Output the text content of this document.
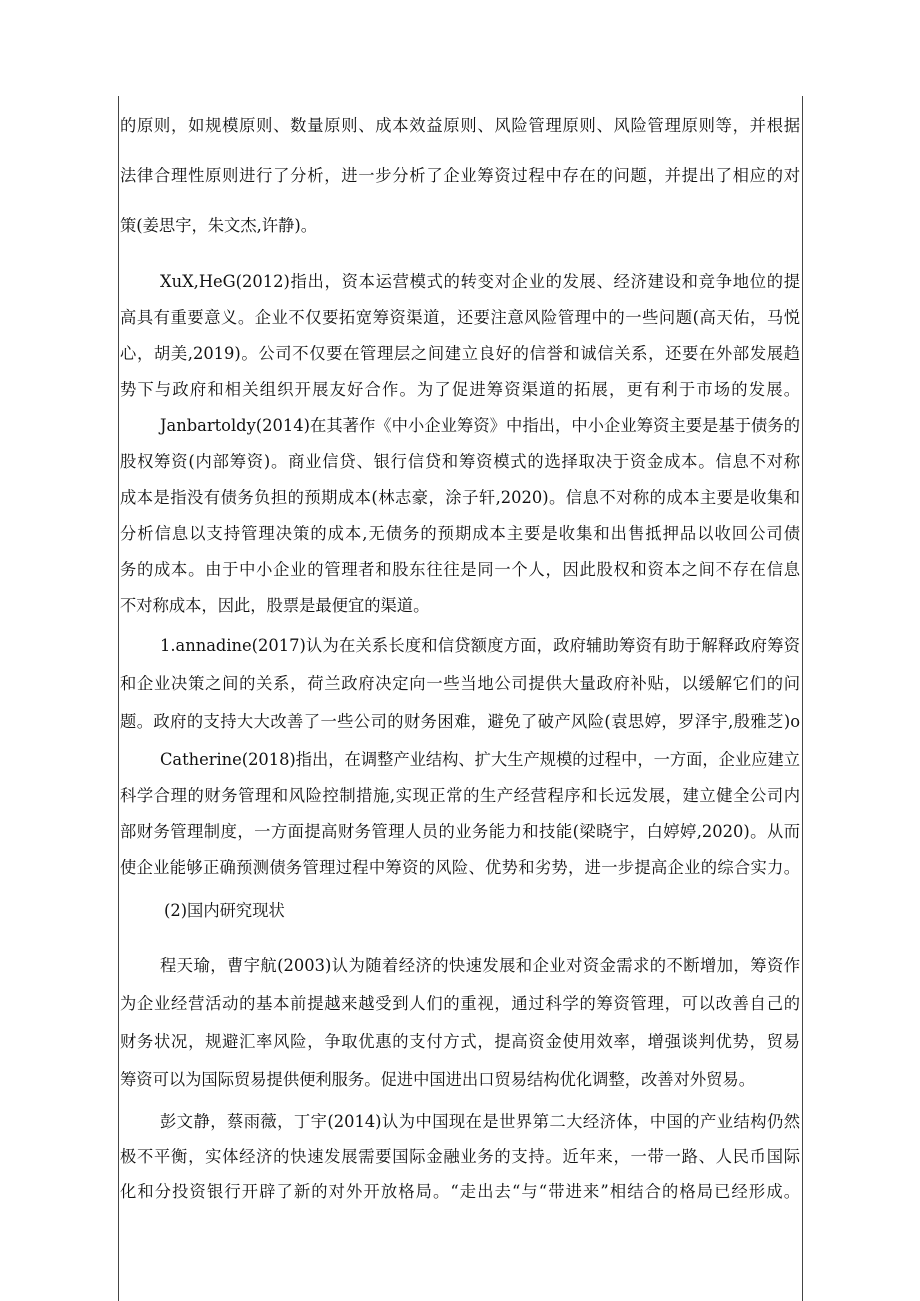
的原则，如规模原则、数量原则、成本效益原则、风险管理原则、风险管理原则等，并根据

法律合理性原则进行了分析，进一步分析了企业筹资过程中存在的问题，并提出了相应的对

策(姜思宇，朱文杰,许静)。

XuX,HeG(2012)指出，资本运营模式的转变对企业的发展、经济建设和竞争地位的提

高具有重要意义。企业不仅要拓宽筹资渠道，还要注意风险管理中的一些问题(高天佑，马悦

心，胡美,2019)。公司不仅要在管理层之间建立良好的信誉和诚信关系，还要在外部发展趋

势下与政府和相关组织开展友好合作。为了促进筹资渠道的拓展，更有利于市场的发展。

Janbartoldy(2014)在其著作《中小企业筹资》中指出，中小企业筹资主要是基于债务的

股权筹资(内部筹资)。商业信贷、银行信贷和筹资模式的选择取决于资金成本。信息不对称

成本是指没有债务负担的预期成本(林志豪，涂子轩,2020)。信息不对称的成本主要是收集和

分析信息以支持管理决策的成本,无债务的预期成本主要是收集和出售抵押品以收回公司债

务的成本。由于中小企业的管理者和股东往往是同一个人，因此股权和资本之间不存在信息

不对称成本，因此，股票是最便宜的渠道。

1.annadine(2017)认为在关系长度和信贷额度方面，政府辅助筹资有助于解释政府筹资

和企业决策之间的关系，荷兰政府决定向一些当地公司提供大量政府补贴，以缓解它们的问

题。政府的支持大大改善了一些公司的财务困难，避免了破产风险(袁思婷，罗泽宇,殷雅芝)o

Catherine(2018)指出，在调整产业结构、扩大生产规模的过程中，一方面，企业应建立

科学合理的财务管理和风险控制措施,实现正常的生产经营程序和长远发展，建立健全公司内

部财务管理制度，一方面提高财务管理人员的业务能力和技能(梁晓宇，白婷婷,2020)。从而

使企业能够正确预测债务管理过程中筹资的风险、优势和劣势，进一步提高企业的综合实力。

(2)国内研究现状

程天瑜，曹宇航(2003)认为随着经济的快速发展和企业对资金需求的不断增加，筹资作

为企业经营活动的基本前提越来越受到人们的重视，通过科学的筹资管理，可以改善自己的

财务状况，规避汇率风险，争取优惠的支付方式，提高资金使用效率，增强谈判优势，贸易

筹资可以为国际贸易提供便利服务。促进中国进出口贸易结构优化调整，改善对外贸易。

彭文静，蔡雨薇，丁宇(2014)认为中国现在是世界第二大经济体，中国的产业结构仍然

极不平衡，实体经济的快速发展需要国际金融业务的支持。近年来，一带一路、人民币国际

化和分投资银行开辟了新的对外开放格局。“走出去“与“带进来”相结合的格局已经形成。
